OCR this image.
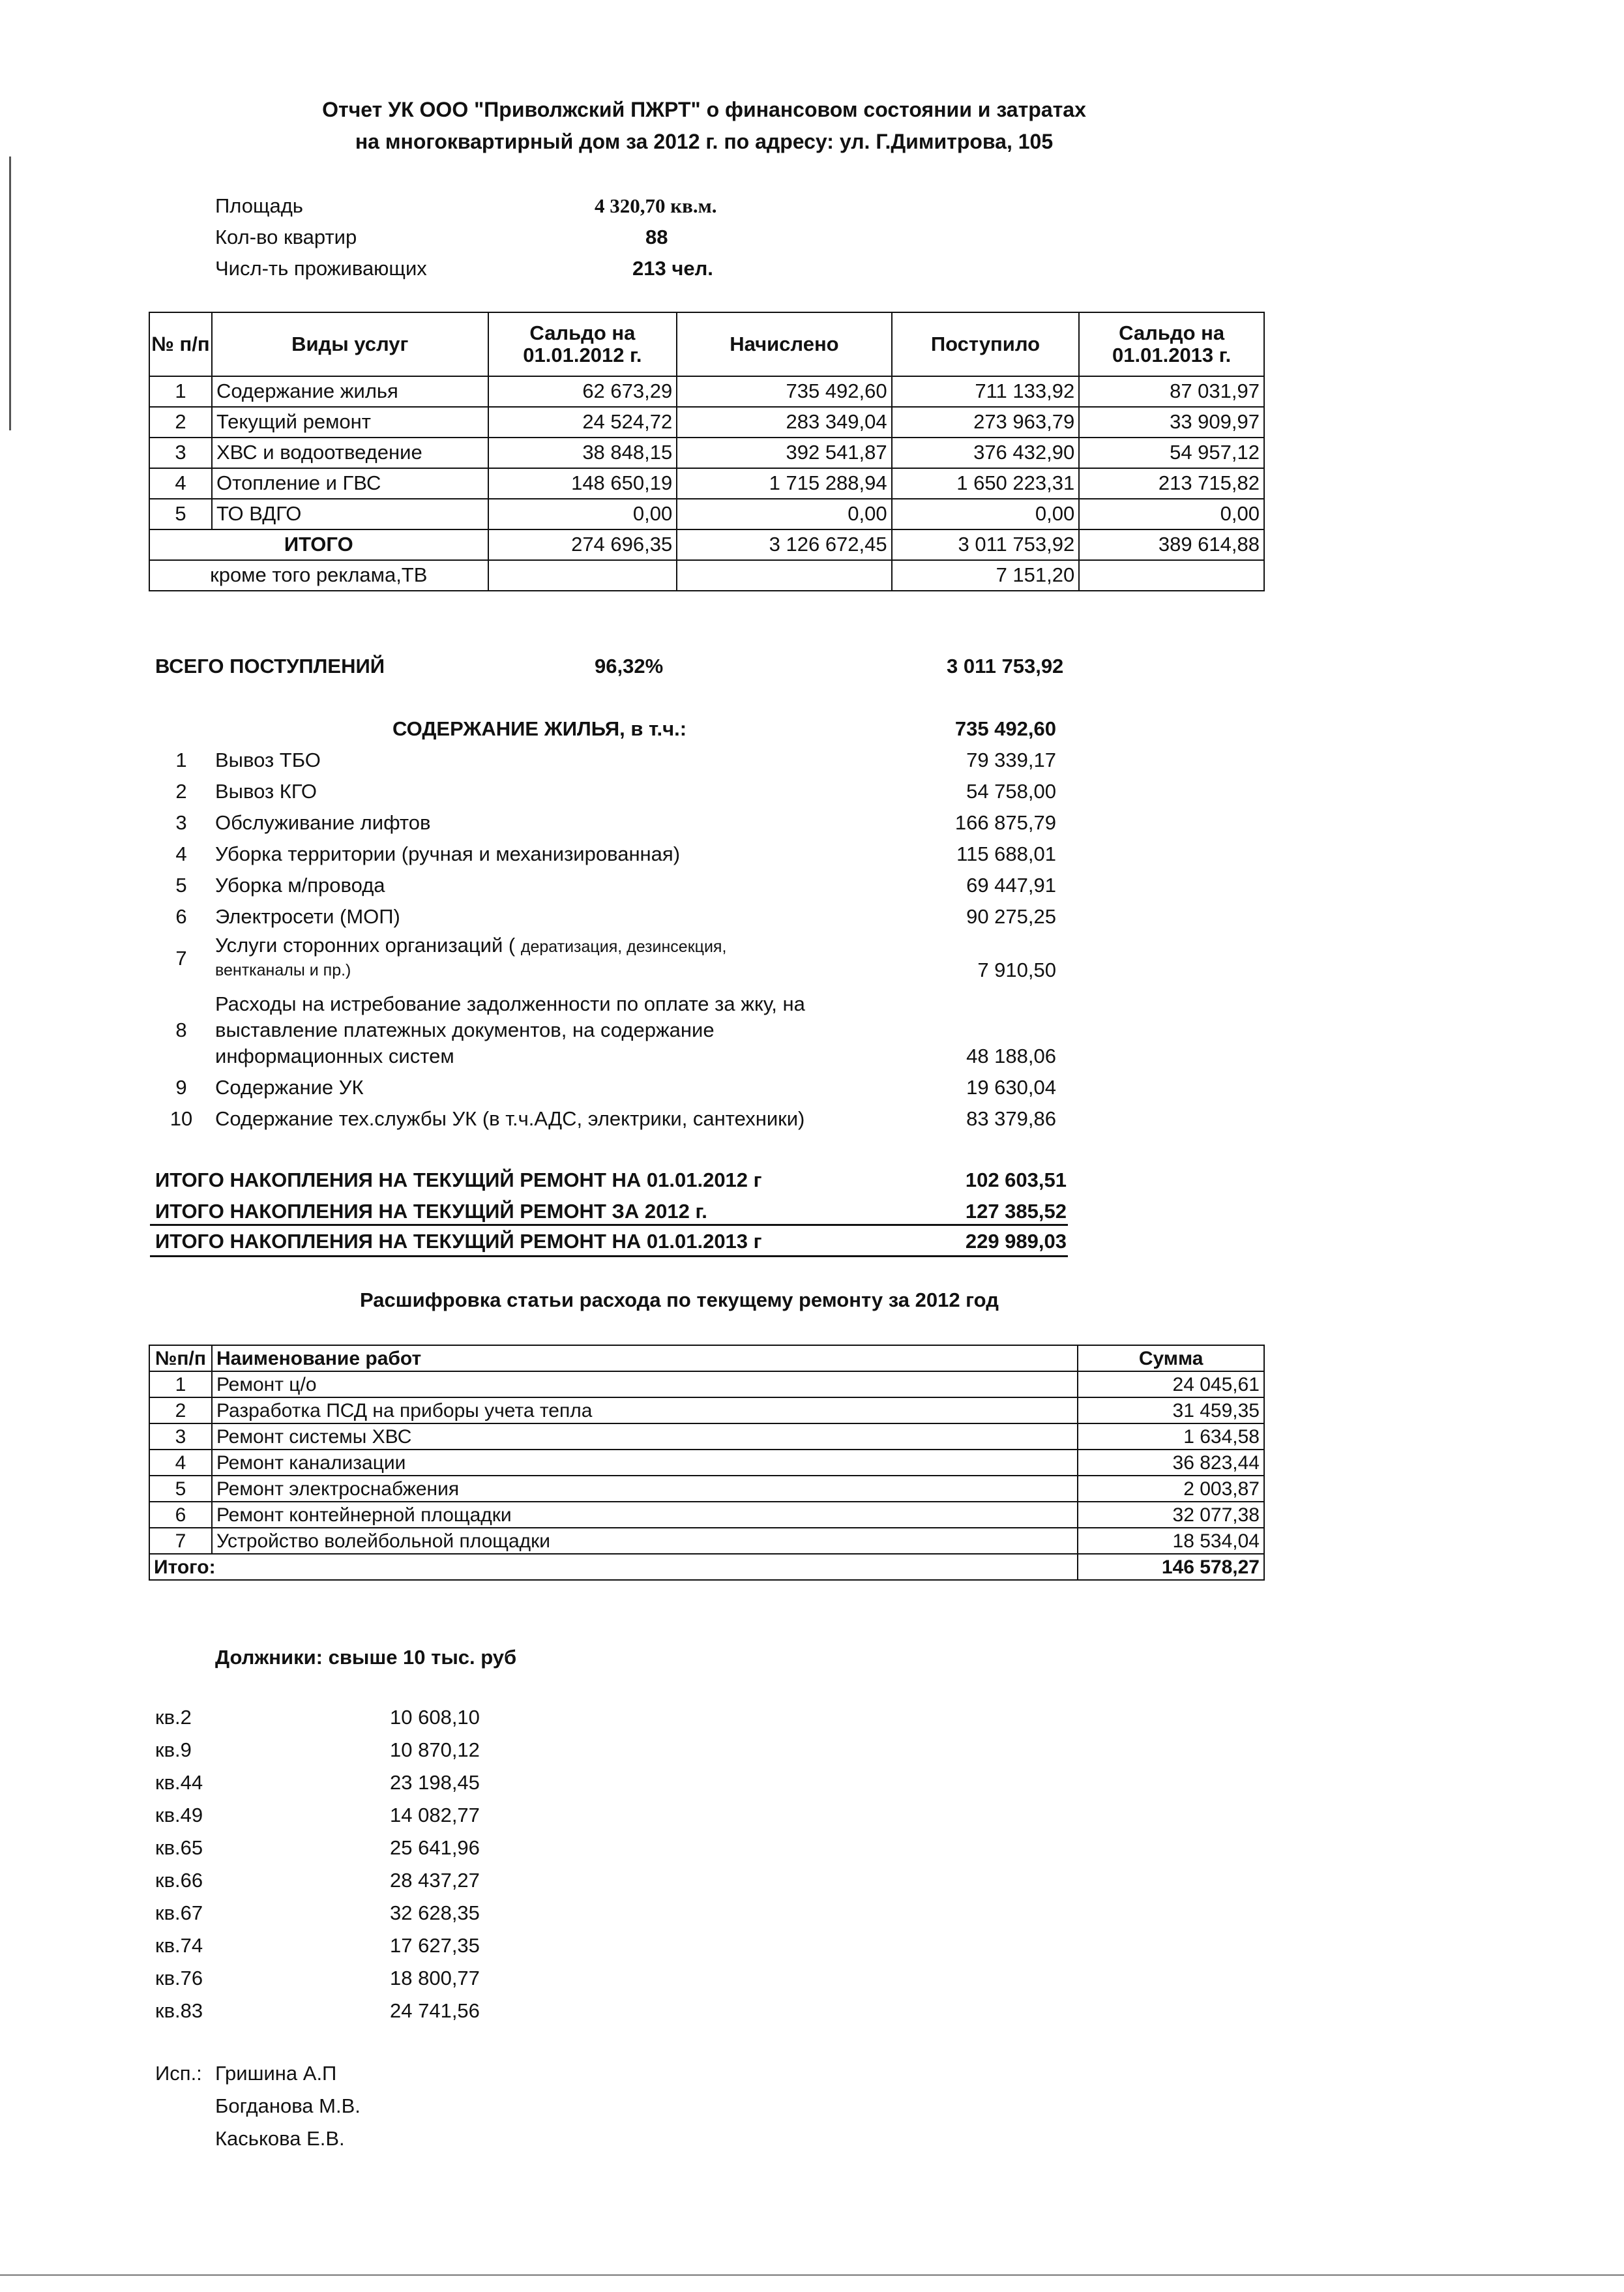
Отчет УК ООО "Приволжский ПЖРТ" о финансовом состоянии и затратах
на многоквартирный дом за 2012 г. по адресу: ул. Г.Димитрова, 105
Площадь	4 320,70 кв.м.
Кол-во квартир	88
Числ-ть проживающих	213 чел.
№ п/п	Виды услуг	Сальдо на 01.01.2012 г.	Начислено	Поступило	Сальдо на 01.01.2013 г.
1	Содержание жилья	62 673,29	735 492,60	711 133,92	87 031,97
2	Текущий ремонт	24 524,72	283 349,04	273 963,79	33 909,97
3	ХВС и водоотведение	38 848,15	392 541,87	376 432,90	54 957,12
4	Отопление и ГВС	148 650,19	1 715 288,94	1 650 223,31	213 715,82
5	ТО ВДГО	0,00	0,00	0,00	0,00
ИТОГО		274 696,35	3 126 672,45	3 011 753,92	389 614,88
кроме того реклама,ТВ				7 151,20	
ВСЕГО ПОСТУПЛЕНИЙ	96,32%	3 011 753,92
СОДЕРЖАНИЕ ЖИЛЬЯ, в т.ч.:	735 492,60
1	Вывоз ТБО	79 339,17
2	Вывоз КГО	54 758,00
3	Обслуживание лифтов	166 875,79
4	Уборка территории (ручная и механизированная)	115 688,01
5	Уборка м/провода	69 447,91
6	Электросети (МОП)	90 275,25
7
Услуги сторонних организаций ( дератизация, дезинсекция,
вентканалы и пр.)	7 910,50
8
Расходы на истребование задолженности по оплате за жку, на
выставление платежных документов, на содержание
информационных систем	48 188,06
9	Содержание УК	19 630,04
10 Содержание тех.службы УК (в т.ч.АДС, электрики, сантехники)	83 379,86
ИТОГО НАКОПЛЕНИЯ НА ТЕКУЩИЙ РЕМОНТ НА 01.01.2012 г	102 603,51
ИТОГО НАКОПЛЕНИЯ НА ТЕКУЩИЙ РЕМОНТ ЗА 2012 г.	127 385,52
ИТОГО НАКОПЛЕНИЯ НА ТЕКУЩИЙ РЕМОНТ НА 01.01.2013 г	229 989,03
Расшифровка статьи расхода по текущему ремонту за 2012 год
№п/п	Наименование работ	Сумма
1	Ремонт ц/о	24 045,61
2	Разработка ПСД на приборы учета тепла	31 459,35
3	Ремонт системы ХВС	1 634,58
4	Ремонт канализации	36 823,44
5	Ремонт электроснабжения	2 003,87
6	Ремонт контейнерной площадки	32 077,38
7	Устройство волейбольной площадки	18 534,04
Итого:		146 578,27
Должники: свыше 10 тыс. руб
кв.2	10 608,10
кв.9	10 870,12
кв.44	23 198,45
кв.49	14 082,77
кв.65	25 641,96
кв.66	28 437,27
кв.67	32 628,35
кв.74	17 627,35
кв.76	18 800,77
кв.83	24 741,56
Исп.: Гришина А.П
Богданова М.В.
Каськова Е.В.
